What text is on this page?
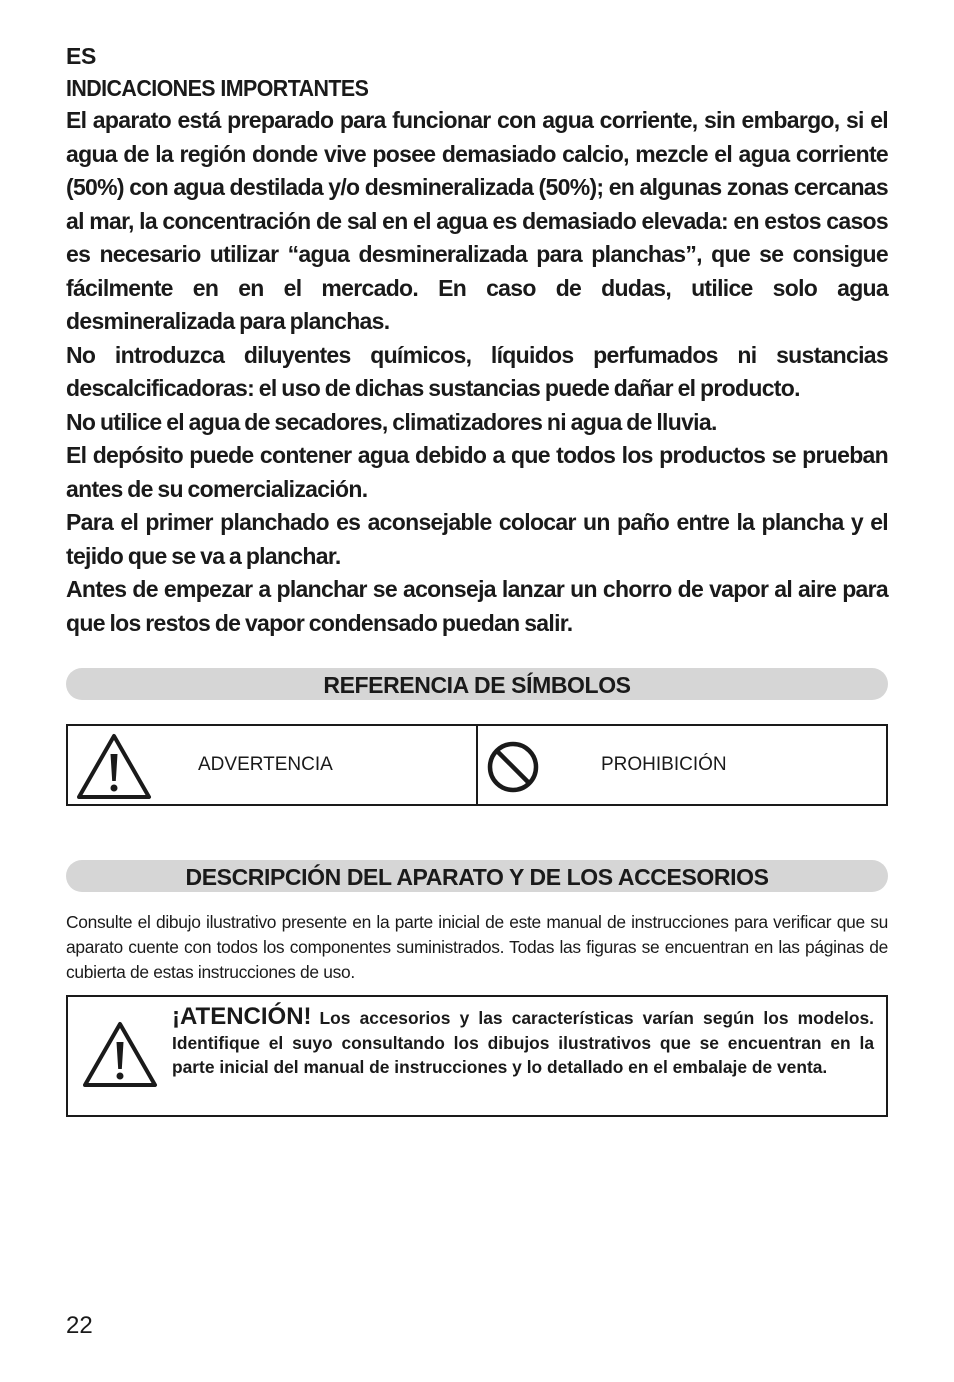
ES
INDICACIONES IMPORTANTES

El aparato está preparado para funcionar con agua corriente, sin embargo, si el agua de la región donde vive posee demasiado calcio, mezcle el agua corriente (50%) con agua destilada y/o desmineralizada (50%); en algunas zonas cercanas al mar, la concentración de sal en el agua es demasiado elevada: en estos casos es necesario utilizar “agua desmineralizada para planchas”, que se consigue fácilmente en en el mercado. En caso de dudas, utilice solo agua desmineralizada para planchas.

No introduzca diluyentes químicos, líquidos perfumados ni sustancias descalcificadoras: el uso de dichas sustancias puede dañar el producto.

No utilice el agua de secadores, climatizadores ni agua de lluvia.

El depósito puede contener agua debido a que todos los productos se prueban antes de su comercialización.

Para el primer planchado es aconsejable colocar un paño entre la plancha y el tejido que se va a planchar.

Antes de empezar a planchar se aconseja lanzar un chorro de vapor al aire para que los restos de vapor condensado puedan salir.

REFERENCIA DE SÍMBOLOS
ADVERTENCIA	PROHIBICIÓN
DESCRIPCIÓN DEL APARATO Y DE LOS ACCESORIOS
Consulte el dibujo ilustrativo presente en la parte inicial de este manual de instrucciones para verificar que su aparato cuente con todos los componentes suministrados. Todas las figuras se encuentran en las páginas de cubierta de estas instrucciones de uso.
¡ATENCIÓN! Los accesorios y las características varían según los modelos. Identifique el suyo consultando los dibujos ilustrativos que se encuentran en la parte inicial del manual de instrucciones y lo detallado en el embalaje de venta.
22
